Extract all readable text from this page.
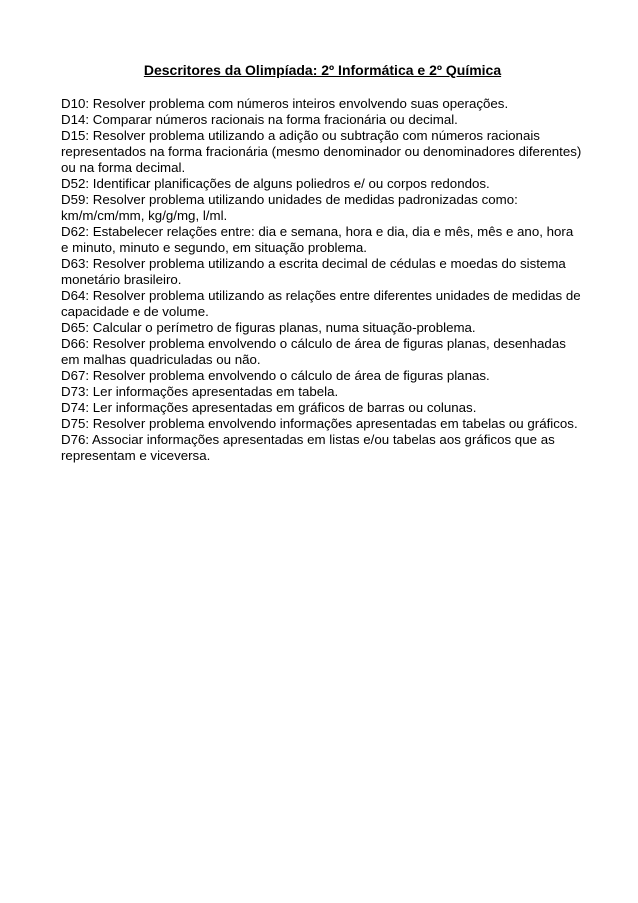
Descritores da Olimpíada: 2º Informática e 2º Química
D10: Resolver problema com números inteiros envolvendo suas operações.
D14: Comparar números racionais na forma fracionária ou decimal.
D15: Resolver problema utilizando a adição ou subtração com números racionais representados na forma fracionária (mesmo denominador ou denominadores diferentes) ou na forma decimal.
D52: Identificar planificações de alguns poliedros e/ ou corpos redondos.
D59: Resolver problema utilizando unidades de medidas padronizadas como: km/m/cm/mm, kg/g/mg, l/ml.
D62: Estabelecer relações entre: dia e semana, hora e dia, dia e mês, mês e ano, hora e minuto, minuto e segundo, em situação problema.
D63: Resolver problema utilizando a escrita decimal de cédulas e moedas do sistema monetário brasileiro.
D64: Resolver problema utilizando as relações entre diferentes unidades de medidas de capacidade e de volume.
D65: Calcular o perímetro de figuras planas, numa situação-problema.
D66: Resolver problema envolvendo o cálculo de área de figuras planas, desenhadas em malhas quadriculadas ou não.
D67: Resolver problema envolvendo o cálculo de área de figuras planas.
D73: Ler informações apresentadas em tabela.
D74: Ler informações apresentadas em gráficos de barras ou colunas.
D75: Resolver problema envolvendo informações apresentadas em tabelas ou gráficos.
D76: Associar informações apresentadas em listas e/ou tabelas aos gráficos que as representam e viceversa.
